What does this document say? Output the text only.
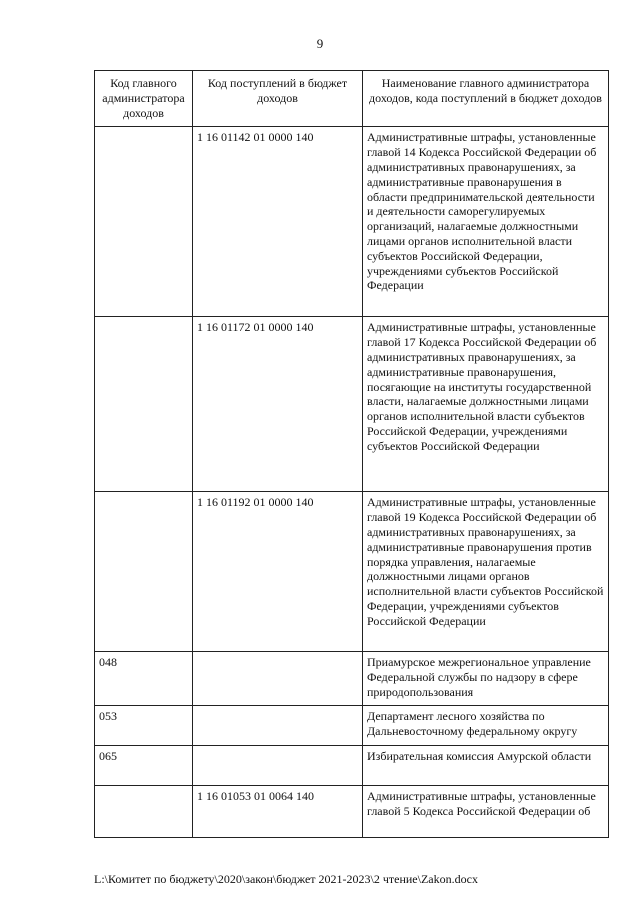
9
Код главного администратора доходов	Код поступлений в бюджет доходов	Наименование главного администратора доходов, кода поступлений в бюджет доходов
	1 16 01142 01 0000 140	Административные штрафы, установленные главой 14 Кодекса Российской Федерации об административных правонарушениях, за административные правонарушения в области предпринимательской деятельности и деятельности саморегулируемых организаций, налагаемые должностными лицами органов исполнительной власти субъектов Российской Федерации, учреждениями субъектов Российской Федерации
	1 16 01172 01 0000 140	Административные штрафы, установленные главой 17 Кодекса Российской Федерации об административных правонарушениях, за административные правонарушения, посягающие на институты государственной власти, налагаемые должностными лицами органов исполнительной власти субъектов Российской Федерации, учреждениями субъектов Российской Федерации
	1 16 01192 01 0000 140	Административные штрафы, установленные главой 19 Кодекса Российской Федерации об административных правонарушениях, за административные правонарушения против порядка управления, налагаемые должностными лицами органов исполнительной власти субъектов Российской Федерации, учреждениями субъектов Российской Федерации
048		Приамурское межрегиональное управление Федеральной службы по надзору в сфере природопользования
053		Департамент лесного хозяйства по Дальневосточному федеральному округу
065		Избирательная комиссия Амурской области
	1 16 01053 01 0064 140	Административные штрафы, установленные главой 5 Кодекса Российской Федерации об
L:\Комитет по бюджету\2020\закон\бюджет 2021-2023\2 чтение\Zakon.docx
